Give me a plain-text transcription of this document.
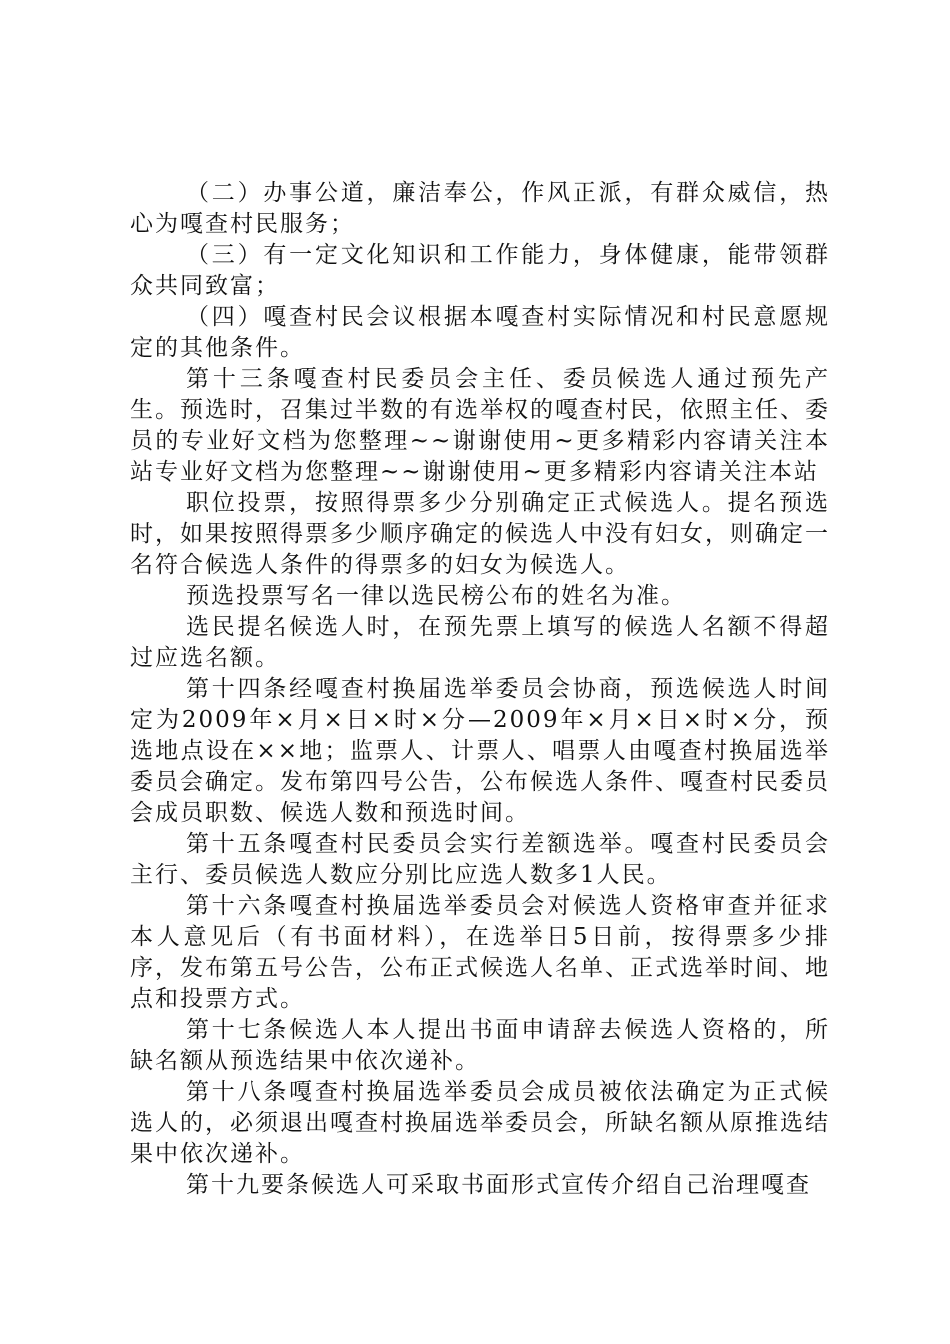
（二）办事公道，廉洁奉公，作风正派，有群众威信，热心为嘎查村民服务；

（三）有一定文化知识和工作能力，身体健康，能带领群众共同致富；

（四）嘎查村民会议根据本嘎查村实际情况和村民意愿规定的其他条件。

第十三条嘎查村民委员会主任、委员候选人通过预先产生。预选时，召集过半数的有选举权的嘎查村民，依照主任、委员的专业好文档为您整理~~谢谢使用~更多精彩内容请关注本站专业好文档为您整理~~谢谢使用~更多精彩内容请关注本站

职位投票，按照得票多少分别确定正式候选人。提名预选时，如果按照得票多少顺序确定的候选人中没有妇女，则确定一名符合候选人条件的得票多的妇女为候选人。

预选投票写名一律以选民榜公布的姓名为准。

选民提名候选人时，在预先票上填写的候选人名额不得超过应选名额。

第十四条经嘎查村换届选举委员会协商，预选候选人时间定为2009年×月×日×时×分—2009年×月×日×时×分，预选地点设在××地；监票人、计票人、唱票人由嘎查村换届选举委员会确定。发布第四号公告，公布候选人条件、嘎查村民委员会成员职数、候选人数和预选时间。

第十五条嘎查村民委员会实行差额选举。嘎查村民委员会主行、委员候选人数应分别比应选人数多1人民。

第十六条嘎查村换届选举委员会对候选人资格审查并征求本人意见后（有书面材料），在选举日5日前，按得票多少排序，发布第五号公告，公布正式候选人名单、正式选举时间、地点和投票方式。

第十七条候选人本人提出书面申请辞去候选人资格的，所缺名额从预选结果中依次递补。

第十八条嘎查村换届选举委员会成员被依法确定为正式候选人的，必须退出嘎查村换届选举委员会，所缺名额从原推选结果中依次递补。

第十九要条候选人可采取书面形式宣传介绍自己治理嘎查
